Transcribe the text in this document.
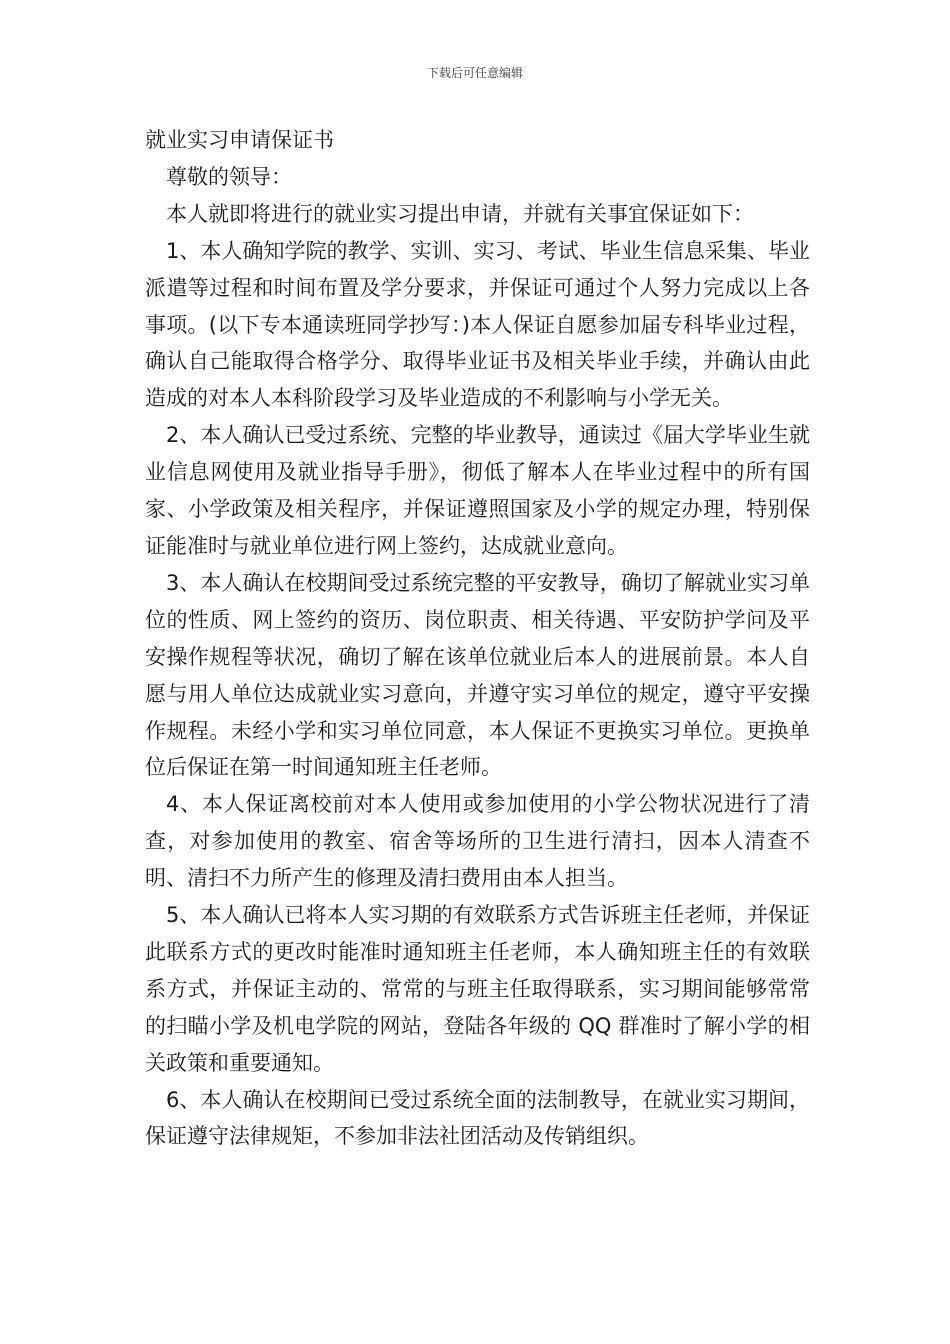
下载后可任意编辑
就业实习申请保证书

尊敬的领导：

本人就即将进行的就业实习提出申请，并就有关事宜保证如下：

1、本人确知学院的教学、实训、实习、考试、毕业生信息采集、毕业派遣等过程和时间布置及学分要求，并保证可通过个人努力完成以上各事项。(以下专本通读班同学抄写：)本人保证自愿参加届专科毕业过程，确认自己能取得合格学分、取得毕业证书及相关毕业手续，并确认由此造成的对本人本科阶段学习及毕业造成的不利影响与小学无关。

2、本人确认已受过系统、完整的毕业教导，通读过《届大学毕业生就业信息网使用及就业指导手册》，彻低了解本人在毕业过程中的所有国家、小学政策及相关程序，并保证遵照国家及小学的规定办理，特别保证能准时与就业单位进行网上签约，达成就业意向。

3、本人确认在校期间受过系统完整的平安教导，确切了解就业实习单位的性质、网上签约的资历、岗位职责、相关待遇、平安防护学问及平安操作规程等状况，确切了解在该单位就业后本人的进展前景。本人自愿与用人单位达成就业实习意向，并遵守实习单位的规定，遵守平安操作规程。未经小学和实习单位同意，本人保证不更换实习单位。更换单位后保证在第一时间通知班主任老师。

4、本人保证离校前对本人使用或参加使用的小学公物状况进行了清查，对参加使用的教室、宿舍等场所的卫生进行清扫，因本人清查不明、清扫不力所产生的修理及清扫费用由本人担当。

5、本人确认已将本人实习期的有效联系方式告诉班主任老师，并保证此联系方式的更改时能准时通知班主任老师，本人确知班主任的有效联系方式，并保证主动的、常常的与班主任取得联系，实习期间能够常常的扫瞄小学及机电学院的网站，登陆各年级的 QQ 群准时了解小学的相关政策和重要通知。

6、本人确认在校期间已受过系统全面的法制教导，在就业实习期间，保证遵守法律规矩，不参加非法社团活动及传销组织。
